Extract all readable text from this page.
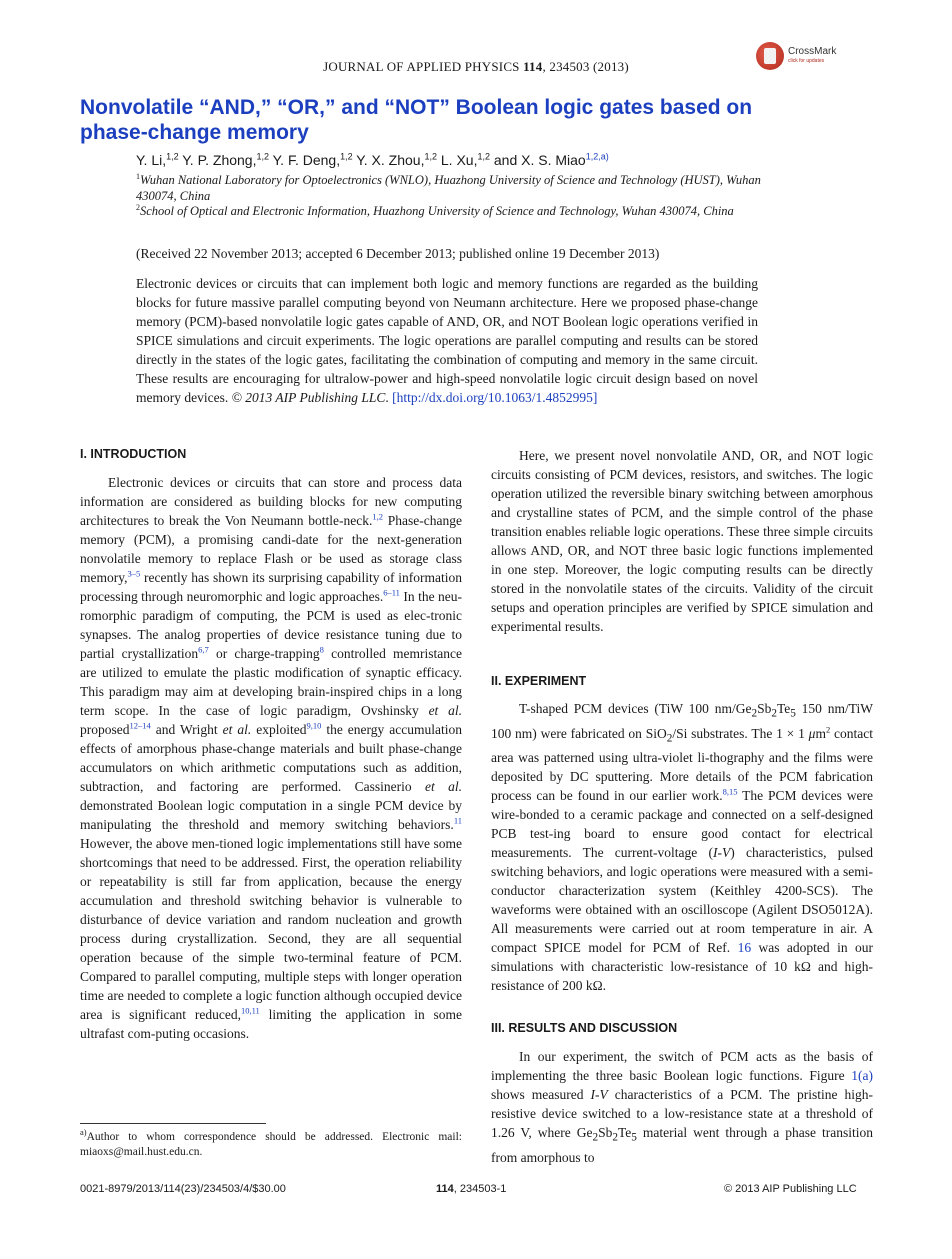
JOURNAL OF APPLIED PHYSICS 114, 234503 (2013)
CrossMark
click for updates
Nonvolatile “AND,” “OR,” and “NOT” Boolean logic gates based on phase-change memory
Y. Li,$^{1,2}$ Y. P. Zhong,$^{1,2}$ Y. F. Deng,$^{1,2}$ Y. X. Zhou,$^{1,2}$ L. Xu,$^{1,2}$ and X. S. Miao$^{1,2,a)}$
$^1$Wuhan National Laboratory for Optoelectronics (WNLO), Huazhong University of Science and Technology (HUST), Wuhan 430074, China
$^2$School of Optical and Electronic Information, Huazhong University of Science and Technology, Wuhan 430074, China
(Received 22 November 2013; accepted 6 December 2013; published online 19 December 2013)
Electronic devices or circuits that can implement both logic and memory functions are regarded as the building blocks for future massive parallel computing beyond von Neumann architecture. Here we proposed phase-change memory (PCM)-based nonvolatile logic gates capable of AND, OR, and NOT Boolean logic operations verified in SPICE simulations and circuit experiments. The logic operations are parallel computing and results can be stored directly in the states of the logic gates, facilitating the combination of computing and memory in the same circuit. These results are encouraging for ultralow-power and high-speed nonvolatile logic circuit design based on novel memory devices. © 2013 AIP Publishing LLC. [http://dx.doi.org/10.1063/1.4852995]
I. INTRODUCTION

Electronic devices or circuits that can store and process data information are considered as building blocks for new computing architectures to break the Von Neumann bottle-neck.$^{1,2}$ Phase-change memory (PCM), a promising candi-date for the next-generation nonvolatile memory to replace Flash or be used as storage class memory,$^{3-5}$ recently has shown its surprising capability of information processing through neuromorphic and logic approaches.$^{6-11}$ In the neu-romorphic paradigm of computing, the PCM is used as elec-tronic synapses. The analog properties of device resistance tuning due to partial crystallization$^{6,7}$ or charge-trapping$^8$ controlled memristance are utilized to emulate the plastic modification of synaptic efficacy. This paradigm may aim at developing brain-inspired chips in a long term scope. In the case of logic paradigm, Ovshinsky et al. proposed$^{12-14}$ and Wright et al. exploited$^{9,10}$ the energy accumulation effects of amorphous phase-change materials and built phase-change accumulators on which arithmetic computations such as addition, subtraction, and factoring are performed. Cassinerio et al. demonstrated Boolean logic computation in a single PCM device by manipulating the threshold and memory switching behaviors.$^{11}$ However, the above men-tioned logic implementations still have some shortcomings that need to be addressed. First, the operation reliability or repeatability is still far from application, because the energy accumulation and threshold switching behavior is vulnerable to disturbance of device variation and random nucleation and growth process during crystallization. Second, they are all sequential operation because of the simple two-terminal feature of PCM. Compared to parallel computing, multiple steps with longer operation time are needed to complete a logic function although occupied device area is significant reduced,$^{10,11}$ limiting the application in some ultrafast com-puting occasions.

$^{a)}$Author to whom correspondence should be addressed. Electronic mail: miaoxs@mail.hust.edu.cn.

Here, we present novel nonvolatile AND, OR, and NOT logic circuits consisting of PCM devices, resistors, and switches. The logic operation utilized the reversible binary switching between amorphous and crystalline states of PCM, and the simple control of the phase transition enables reliable logic operations. These three simple circuits allows AND, OR, and NOT three basic logic functions implemented in one step. Moreover, the logic computing results can be directly stored in the nonvolatile states of the circuits. Validity of the circuit setups and operation principles are verified by SPICE simulation and experimental results.

II. EXPERIMENT

T-shaped PCM devices (TiW 100 $nm/Ge_2Sb_2Te_5$ 150 nm/TiW 100 nm) were fabricated on SiO$_2$/Si substrates. The 1 × 1 $\mu m^2$ contact area was patterned using ultra-violet li-thography and the films were deposited by DC sputtering. More details of the PCM fabrication process can be found in our earlier work.$^{8,15}$ The PCM devices were wire-bonded to a ceramic package and connected on a self-designed PCB test-ing board to ensure good contact for electrical measurements. The current-voltage (I-V) characteristics, pulsed switching behaviors, and logic operations were measured with a semi-conductor characterization system (Keithley 4200-SCS). The waveforms were obtained with an oscilloscope (Agilent DSO5012A). All measurements were carried out at room temperature in air. A compact SPICE model for PCM of Ref. 16 was adopted in our simulations with characteristic low-resistance of 10 kΩ and high-resistance of 200 kΩ.

III. RESULTS AND DISCUSSION

In our experiment, the switch of PCM acts as the basis of implementing the three basic Boolean logic functions. Figure 1(a) shows measured I-V characteristics of a PCM. The pristine high-resistive device switched to a low-resistance state at a threshold of 1.26 V, where $Ge_2Sb_2Te_5$ material went through a phase transition from amorphous to

0021-8979/2013/114(23)/234503/4/$30.00	114, 234503-1	© 2013 AIP Publishing LLC
